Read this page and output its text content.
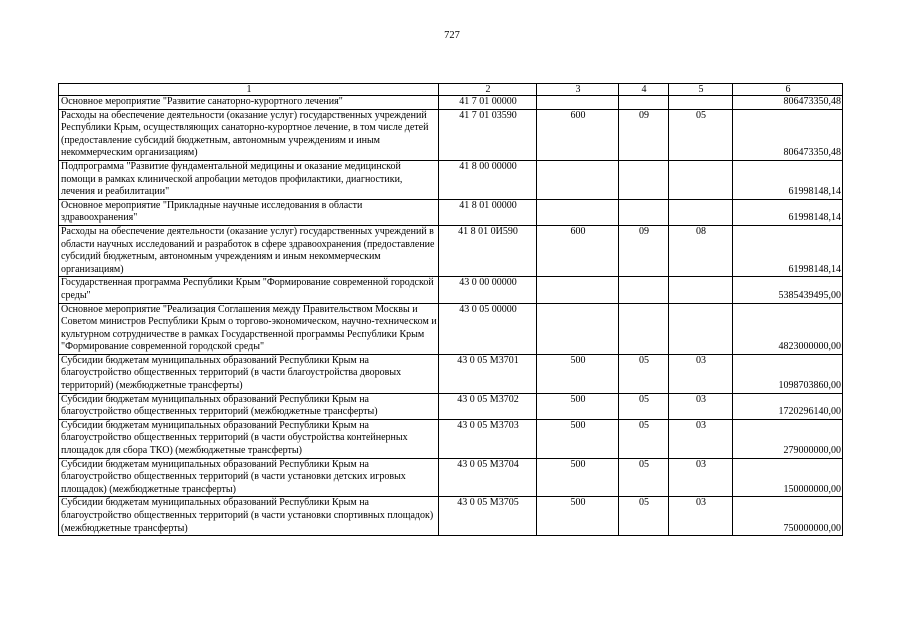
727
1	2	3	4	5	6
Основное мероприятие "Развитие санаторно-курортного лечения"	41 7 01 00000				806473350,48
Расходы на обеспечение деятельности (оказание услуг) государственных учреждений Республики Крым, осуществляющих санаторно-курортное лечение, в том числе детей (предоставление субсидий бюджетным, автономным учреждениям и иным некоммерческим организациям)	41 7 01 03590	600	09	05	806473350,48
Подпрограмма "Развитие фундаментальной медицины и оказание медицинской помощи в рамках клинической апробации методов профилактики, диагностики, лечения и реабилитации"	41 8 00 00000				61998148,14
Основное мероприятие "Прикладные научные исследования в области здравоохранения"	41 8 01 00000				61998148,14
Расходы на обеспечение деятельности (оказание услуг) государственных учреждений в области научных исследований и разработок в сфере здравоохранения (предоставление субсидий бюджетным, автономным учреждениям и иным некоммерческим организациям)	41 8 01 0И590	600	09	08	61998148,14
Государственная программа Республики Крым "Формирование современной городской среды"	43 0 00 00000				5385439495,00
Основное мероприятие "Реализация Соглашения между Правительством Москвы и Советом министров Республики Крым о торгово-экономическом, научно-техническом и культурном сотрудничестве в рамках Государственной программы Республики Крым "Формирование современной городской среды"	43 0 05 00000				4823000000,00
Субсидии бюджетам муниципальных образований Республики Крым на благоустройство общественных территорий (в части благоустройства дворовых территорий) (межбюджетные трансферты)	43 0 05 M3701	500	05	03	1098703860,00
Субсидии бюджетам муниципальных образований Республики Крым на благоустройство общественных территорий (межбюджетные трансферты)	43 0 05 M3702	500	05	03	1720296140,00
Субсидии бюджетам муниципальных образований Республики Крым на благоустройство общественных территорий (в части обустройства контейнерных площадок для сбора ТКО) (межбюджетные трансферты)	43 0 05 M3703	500	05	03	279000000,00
Субсидии бюджетам муниципальных образований Республики Крым на благоустройство общественных территорий (в части установки детских игровых площадок) (межбюджетные трансферты)	43 0 05 M3704	500	05	03	150000000,00
Субсидии бюджетам муниципальных образований Республики Крым на благоустройство общественных территорий (в части установки спортивных площадок) (межбюджетные трансферты)	43 0 05 M3705	500	05	03	750000000,00
